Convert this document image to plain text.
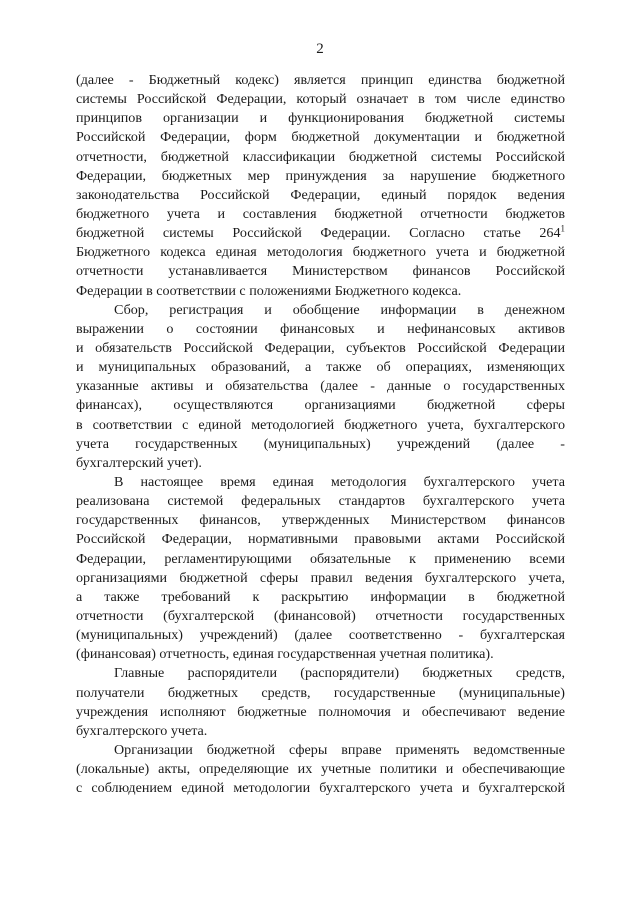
2
(далее - Бюджетный кодекс) является принцип единства бюджетной
системы Российской Федерации, который означает в том числе единство
принципов организации и функционирования бюджетной системы
Российской Федерации, форм бюджетной документации и бюджетной
отчетности, бюджетной классификации бюджетной системы Российской
Федерации, бюджетных мер принуждения за нарушение бюджетного
законодательства Российской Федерации, единый порядок ведения
бюджетного учета и составления бюджетной отчетности бюджетов
бюджетной системы Российской Федерации. Согласно статье 264$^1$
Бюджетного кодекса единая методология бюджетного учета и бюджетной
отчетности устанавливается Министерством финансов Российской
Федерации в соответствии с положениями Бюджетного кодекса.
Сбор, регистрация и обобщение информации в денежном
выражении о состоянии финансовых и нефинансовых активов
и обязательств Российской Федерации, субъектов Российской Федерации
и муниципальных образований, а также об операциях, изменяющих
указанные активы и обязательства (далее - данные о государственных
финансах), осуществляются организациями бюджетной сферы
в соответствии с единой методологией бюджетного учета, бухгалтерского
учета государственных (муниципальных) учреждений (далее -
бухгалтерский учет).
В настоящее время единая методология бухгалтерского учета
реализована системой федеральных стандартов бухгалтерского учета
государственных финансов, утвержденных Министерством финансов
Российской Федерации, нормативными правовыми актами Российской
Федерации, регламентирующими обязательные к применению всеми
организациями бюджетной сферы правил ведения бухгалтерского учета,
а также требований к раскрытию информации в бюджетной
отчетности (бухгалтерской (финансовой) отчетности государственных
(муниципальных) учреждений) (далее соответственно - бухгалтерская
(финансовая) отчетность, единая государственная учетная политика).
Главные распорядители (распорядители) бюджетных средств,
получатели бюджетных средств, государственные (муниципальные)
учреждения исполняют бюджетные полномочия и обеспечивают ведение
бухгалтерского учета.
Организации бюджетной сферы вправе применять ведомственные
(локальные) акты, определяющие их учетные политики и обеспечивающие
с соблюдением единой методологии бухгалтерского учета и бухгалтерской
